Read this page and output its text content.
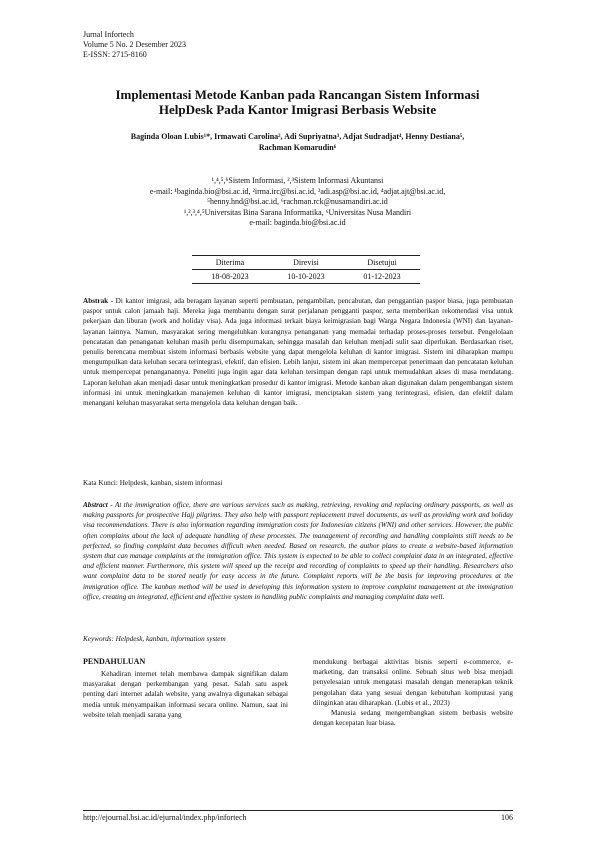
Jurnal Infortech
Volume 5 No. 2 Desember 2023
E-ISSN: 2715-8160
Implementasi Metode Kanban pada Rancangan Sistem Informasi
HelpDesk Pada Kantor Imigrasi Berbasis Website
Baginda Oloan Lubis¹*, Irmawati Carolina², Adi Supriyatna³, Adjat Sudradjat⁴, Henny Destiana⁵,
Rachman Komarudin⁶
¹,⁴,⁵,⁶Sistem Informasi, ²,³Sistem Informasi Akuntansi
e-mail: ¹baginda.bio@bsi.ac.id, ²irma.irc@bsi.ac.id, ³adi.asp@bsi.ac.id, ⁴adjat.ajt@bsi.ac.id,
⁵henny.hnd@bsi.ac.id, ⁶rachman.rck@nusamandiri.ac.id
¹,²,³,⁴,⁵Universitas Bina Sarana Informatika, ⁶Universitas Nusa Mandiri
e-mail: baginda.bio@bsi.ac.id
Diterima
18-08-2023
Direvisi
10-10-2023
Disetujui
01-12-2023
Abstrak - Di kantor imigrasi, ada beragam layanan seperti pembuatan, pengambilan, pencabutan, dan penggantian paspor biasa, juga pembuatan paspor untuk calon jamaah haji. Mereka juga membantu dengan surat perjalanan pengganti paspor, serta memberikan rekomendasi visa untuk pekerjaan dan liburan (work and holiday visa). Ada juga informasi terkait biaya keimigrasian bagi Warga Negara Indonesia (WNI) dan layanan-layanan lainnya. Namun, masyarakat sering mengeluhkan kurangnya penanganan yang memadai terhadap proses-proses tersebut. Pengelolaan pencatatan dan penanganan keluhan masih perlu disempurnakan, sehingga masalah dan keluhan menjadi sulit saat diperlukan. Berdasarkan riset, penulis berencana membuat sistem informasi berbasis website yang dapat mengelola keluhan di kantor imigrasi. Sistem ini diharapkan mampu mengumpulkan data keluhan secara terintegrasi, efektif, dan efisien. Lebih lanjut, sistem ini akan mempercepat penerimaan dan pencatatan keluhan untuk mempercepat penanganannya. Peneliti juga ingin agar data keluhan tersimpan dengan rapi untuk memudahkan akses di masa mendatang. Laporan keluhan akan menjadi dasar untuk meningkatkan prosedur di kantor imigrasi. Metode kanban akan digunakan dalam pengembangan sistem informasi ini untuk meningkatkan manajemen keluhan di kantor imigrasi, menciptakan sistem yang terintegrasi, efisien, dan efektif dalam menangani keluhan masyarakat serta mengelola data keluhan dengan baik.
Kata Kunci: Helpdesk, kanban, sistem informasi
Abstract - At the immigration office, there are various services such as making, retrieving, revoking and replacing ordinary passports, as well as making passports for prospective Hajj pilgrims. They also help with passport replacement travel documents, as well as providing work and holiday visa recommendations. There is also information regarding immigration costs for Indonesian citizens (WNI) and other services. However, the public often complains about the lack of adequate handling of these processes. The management of recording and handling complaints still needs to be perfected, so finding complaint data becomes difficult when needed. Based on research, the author plans to create a website-based information system that can manage complaints at the immigration office. This system is expected to be able to collect complaint data in an integrated, effective and efficient manner. Furthermore, this system will speed up the receipt and recording of complaints to speed up their handling. Researchers also want complaint data to be stored neatly for easy access in the future. Complaint reports will be the basis for improving procedures at the immigration office. The kanban method will be used in developing this information system to improve complaint management at the immigration office, creating an integrated, efficient and effective system in handling public complaints and managing complaint data well.
Keywords: Helpdesk, kanban, information system
PENDAHULUAN

Kehadiran internet telah membawa dampak signifikan dalam masyarakat dengan perkembangan yang pesat. Salah satu aspek penting dari internet adalah website, yang awalnya digunakan sebagai media untuk menyampaikan informasi secara online. Namun, saat ini website telah menjadi sarana yang

mendukung berbagai aktivitas bisnis seperti e-commerce, e-marketing, dan transaksi online. Sebuah situs web bisa menjadi penyelesaian untuk mengatasi masalah dengan menerapkan teknik pengolahan data yang sesuai dengan kebutuhan komputasi yang diinginkan atau diharapkan. (Lubis et al., 2023)

Manusia sedang mengembangkan sistem berbasis website dengan kecepatan luar biasa.

http://ejournal.bsi.ac.id/ejurnal/index.php/infortech	106
